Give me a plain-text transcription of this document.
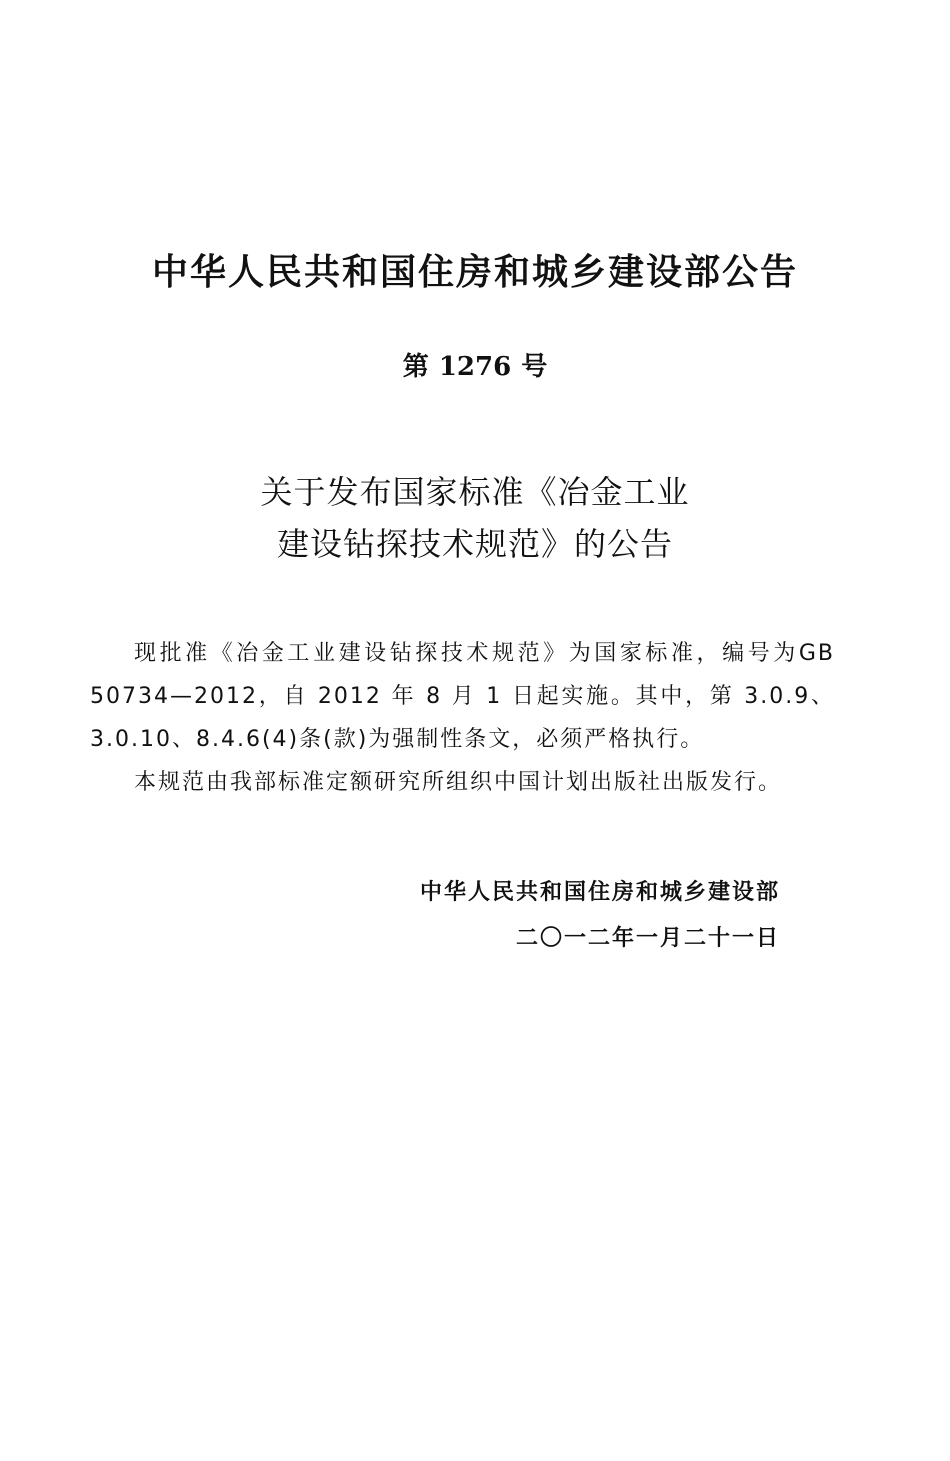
中华人民共和国住房和城乡建设部公告
第 1276 号
关于发布国家标准《冶金工业
建设钻探技术规范》的公告

现批准《冶金工业建设钻探技术规范》为国家标准，编号为GB 50734—2012，自 2012 年 8 月 1 日起实施。其中，第 3.0.9、3.0.10、8.4.6(4)条(款)为强制性条文，必须严格执行。

本规范由我部标准定额研究所组织中国计划出版社出版发行。

中华人民共和国住房和城乡建设部
二〇一二年一月二十一日
